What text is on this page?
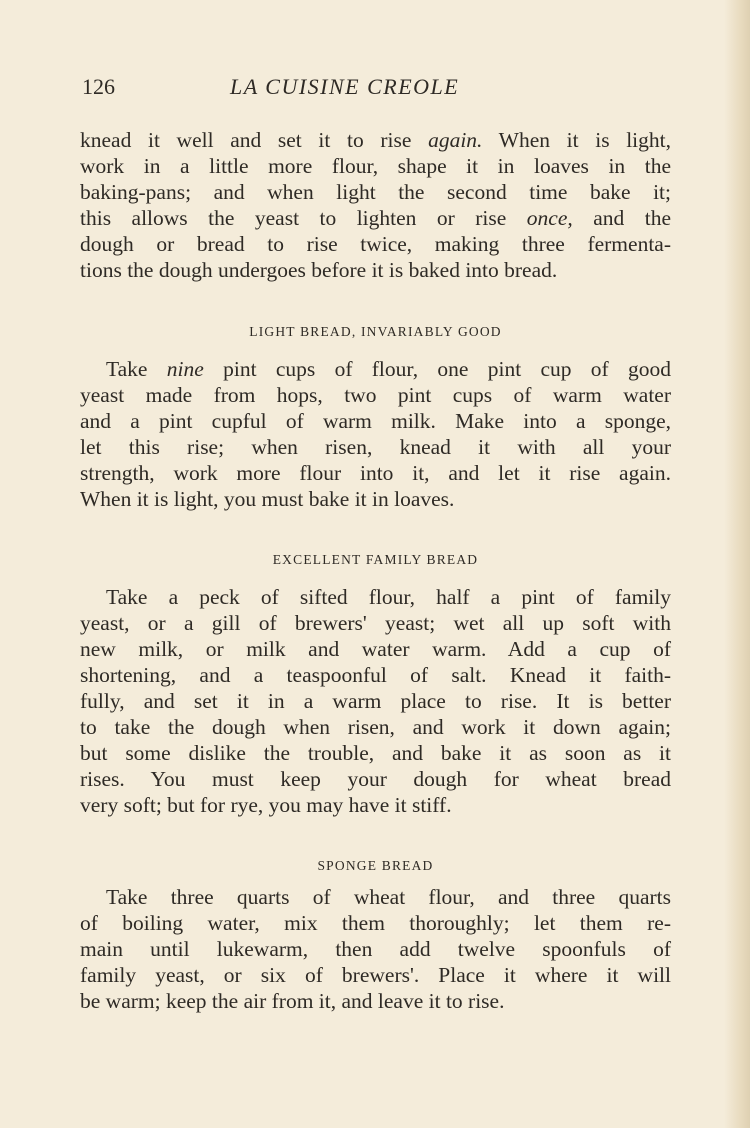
126	LA CUISINE CREOLE
knead it well and set it to rise again. When it is light,
work in a little more flour, shape it in loaves in the
baking-pans; and when light the second time bake it;
this allows the yeast to lighten or rise once, and the
dough or bread to rise twice, making three fermenta-
tions the dough undergoes before it is baked into bread.
LIGHT BREAD, INVARIABLY GOOD
Take nine pint cups of flour, one pint cup of good
yeast made from hops, two pint cups of warm water
and a pint cupful of warm milk. Make into a sponge,
let this rise; when risen, knead it with all your
strength, work more flour into it, and let it rise again.
When it is light, you must bake it in loaves.
EXCELLENT FAMILY BREAD
Take a peck of sifted flour, half a pint of family
yeast, or a gill of brewers' yeast; wet all up soft with
new milk, or milk and water warm. Add a cup of
shortening, and a teaspoonful of salt. Knead it faith-
fully, and set it in a warm place to rise. It is better
to take the dough when risen, and work it down again;
but some dislike the trouble, and bake it as soon as it
rises. You must keep your dough for wheat bread
very soft; but for rye, you may have it stiff.
SPONGE BREAD
Take three quarts of wheat flour, and three quarts
of boiling water, mix them thoroughly; let them re-
main until lukewarm, then add twelve spoonfuls of
family yeast, or six of brewers'. Place it where it will
be warm; keep the air from it, and leave it to rise.
